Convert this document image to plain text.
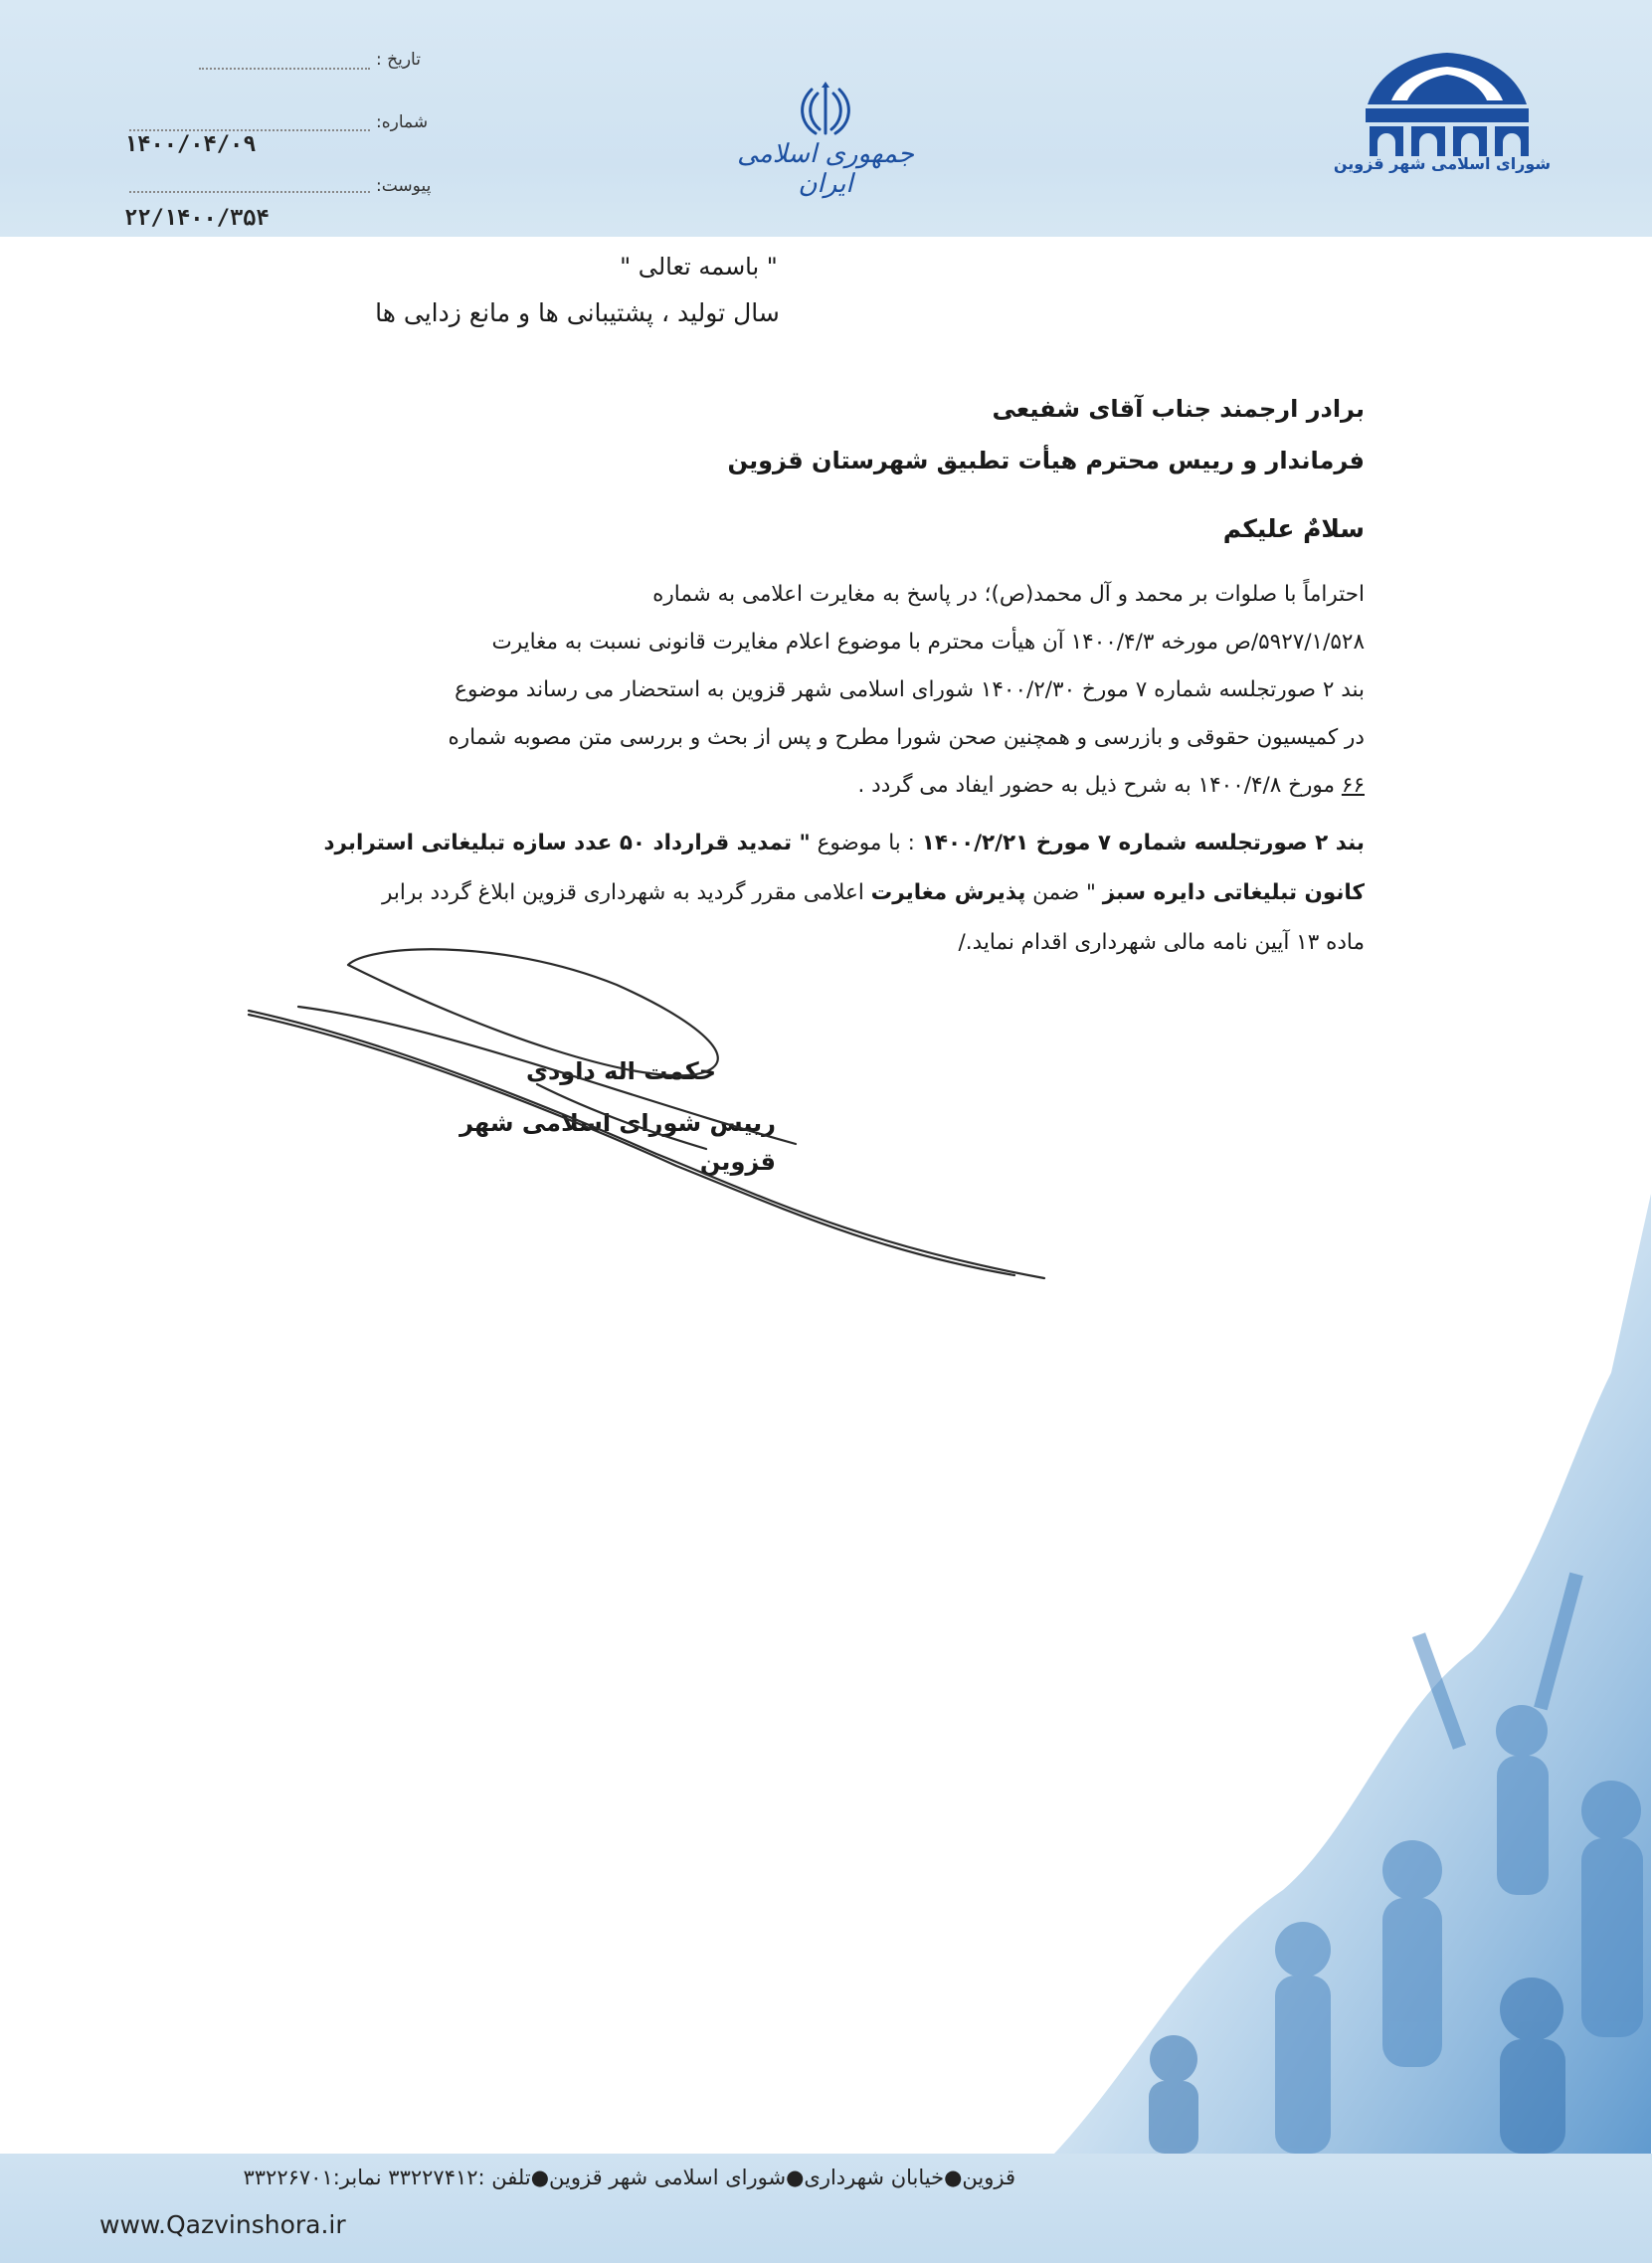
شورای اسلامی شهر قزوین
جمهوری اسلامی ایران
تاریخ :
شماره:
۱۴۰۰/۰۴/۰۹
پیوست:
۲۲/۱۴۰۰/۳۵۴
" باسمه تعالی "
سال تولید ، پشتیبانی ها و مانع زدایی ها
برادر ارجمند جناب آقای شفیعی
فرماندار و رییس محترم هیأت تطبیق شهرستان قزوین
سلامٌ علیکم
احتراماً با صلوات بر محمد و آل محمد(ص)؛ در پاسخ به مغایرت اعلامی به شماره
۵۹۲۷/۱/۵۲۸/ص مورخه ۱۴۰۰/۴/۳ آن هیأت محترم با موضوع اعلام مغایرت قانونی نسبت به مغایرت
بند ۲ صورتجلسه شماره ۷ مورخ ۱۴۰۰/۲/۳۰ شورای اسلامی شهر قزوین به استحضار می رساند موضوع
در کمیسیون حقوقی و بازرسی و همچنین صحن شورا مطرح و پس از بحث و بررسی متن مصوبه شماره
۶۶ مورخ ۱۴۰۰/۴/۸ به شرح ذیل به حضور ایفاد می گردد .
بند ۲ صورتجلسه شماره ۷ مورخ ۱۴۰۰/۲/۲۱ : با موضوع " تمدید قرارداد ۵۰ عدد سازه تبلیغاتی استرابرد
کانون تبلیغاتی دایره سبز " ضمن پذیرش مغایرت اعلامی مقرر گردید به شهرداری قزوین ابلاغ گردد برابر
ماده ۱۳ آیین نامه مالی شهرداری اقدام نماید./
حکمت اله داودی
رییس شورای اسلامی شهر قزوین
قزوین●خیابان شهرداری●شورای اسلامی شهر قزوین●تلفن :۳۳۲۲۷۴۱۲ نمابر:۳۳۲۲۶۷۰۱
www.Qazvinshora.ir
